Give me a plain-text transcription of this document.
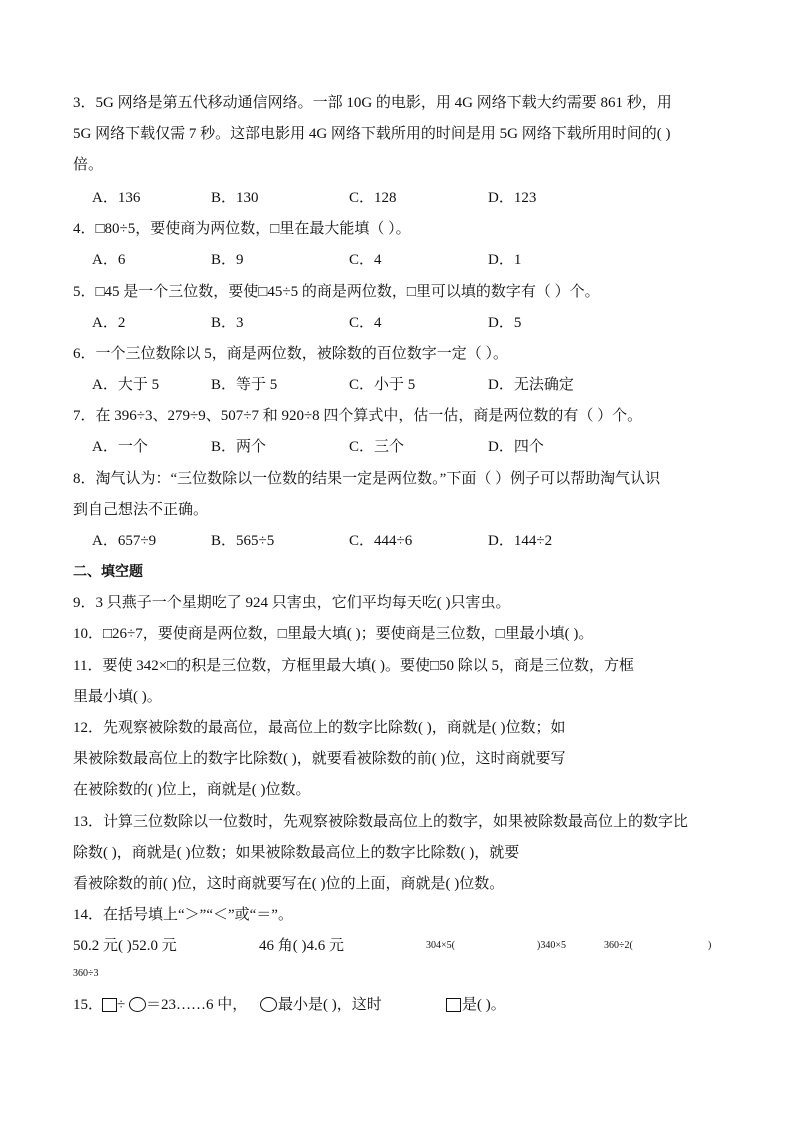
3．5G 网络是第五代移动通信网络。一部 10G 的电影，用 4G 网络下载大约需要 861 秒，用
5G 网络下载仅需 7 秒。这部电影用 4G 网络下载所用的时间是用 5G 网络下载所用时间的( )
倍。
A．136	B．130	C．128	D．123
4．□80÷5，要使商为两位数，□里在最大能填（ ）。
A．6	B．9	C．4	D．1
5．□45 是一个三位数，要使□45÷5 的商是两位数，□里可以填的数字有（ ）个。
A．2	B．3	C．4	D．5
6．一个三位数除以 5，商是两位数，被除数的百位数字一定（ ）。
A．大于 5	B．等于 5	C．小于 5	D．无法确定
7．在 396÷3、279÷9、507÷7 和 920÷8 四个算式中，估一估，商是两位数的有（ ）个。
A．一个	B．两个	C．三个	D．四个
8．淘气认为：“三位数除以一位数的结果一定是两位数。”下面（ ）例子可以帮助淘气认识
到自己想法不正确。
A．657÷9	B．565÷5	C．444÷6	D．144÷2
二、填空题
9．3 只燕子一个星期吃了 924 只害虫，它们平均每天吃( )只害虫。
10．□26÷7，要使商是两位数，□里最大填( )；要使商是三位数，□里最小填( )。
11．要使 342×□的积是三位数，方框里最大填( )。要使□50 除以 5，商是三位数，方框
里最小填( )。
12．先观察被除数的最高位，最高位上的数字比除数( )，商就是( )位数；如
果被除数最高位上的数字比除数( )，就要看被除数的前( )位，这时商就要写
在被除数的( )位上，商就是( )位数。
13．计算三位数除以一位数时，先观察被除数最高位上的数字，如果被除数最高位上的数字比
除数( )，商就是( )位数；如果被除数最高位上的数字比除数( )，就要
看被除数的前( )位，这时商就要写在( )位的上面，商就是( )位数。
14．在括号填上“＞”“＜”或“＝”。
50.2 元( )52.0 元	46 角( )4.6 元	304×5(	)340×5	360÷2(	)
360÷3
15． ÷ ＝23……6 中， 最小是( )，这时	是( )。
